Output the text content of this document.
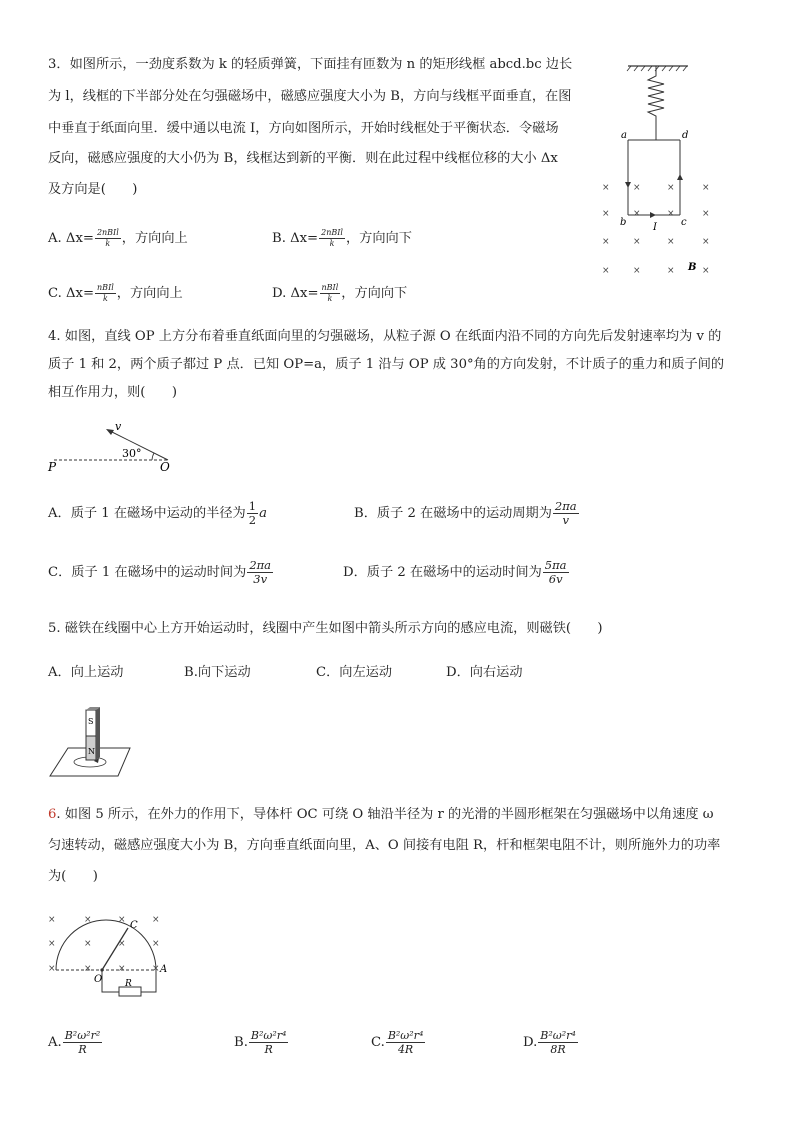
3．如图所示，一劲度系数为 k 的轻质弹簧，下面挂有匝数为 n 的矩形线框 abcd.bc 边长
为 l，线框的下半部分处在匀强磁场中，磁感应强度大小为 B，方向与线框平面垂直，在图
中垂直于纸面向里．缓中通以电流 I，方向如图所示，开始时线框处于平衡状态．令磁场
反向，磁感应强度的大小仍为 B，线框达到新的平衡．则在此过程中线框位移的大小 Δx
及方向是(　　)
a	d
b	c
I
B
×	×	×	×
×	×	×	×
×	×	×	×
×	×	×	×
A. $\Delta x= \frac{\text{2nBIl}}{k}$ ，方向向上	B. $\Delta x= \frac{\text{2nBIl}}{k}$ ，方向向下
C. $\Delta x= \frac{\text{nBIl}}{k}$ ，方向向上	D. $\Delta x= \frac{\text{nBIl}}{k}$ ，方向向下
4. 如图，直线 OP 上方分布着垂直纸面向里的匀强磁场，从粒子源 O 在纸面内沿不同的方向先后发射速率均为 v 的
质子 1 和 2，两个质子都过 P 点．已知 OP=a，质子 1 沿与 OP 成 30°角的方向发射，不计质子的重力和质子间的
相互作用力，则(　　)
v
30°
P	O
A．质子 1 在磁场中运动的半径为 $\frac{1}{2}$ a	B．质子 2 在磁场中的运动周期为 $\frac{2\pi a}{v}$
C．质子 1 在磁场中的运动时间为 $\frac{2\pi a}{3v}$	D．质子 2 在磁场中的运动时间为 $\frac{5\pi a}{6v}$
5. 磁铁在线圈中心上方开始运动时，线圈中产生如图中箭头所示方向的感应电流，则磁铁(　　)
A．向上运动	B.向下运动	C．向左运动	D．向右运动
S
N
6. 如图 5 所示，在外力的作用下，导体杆 OC 可绕 O 轴沿半径为 r 的光滑的半圆形框架在匀强磁场中以角速度 ω
匀速转动，磁感应强度大小为 B，方向垂直纸面向里，A、O 间接有电阻 R，杆和框架电阻不计，则所施外力的功率
为(　　)
C
O
A
R
×	×	×	×
×	×	×	×
×	×	×	×
A. $\frac{\text{B²ω²r²}}{R}$	B. $\frac{\text{B²ω²r⁴}}{R}$	C. $\frac{\text{B²ω²r⁴}}{4R}$	D. $\frac{\text{B²ω²r⁴}}{8R}$
